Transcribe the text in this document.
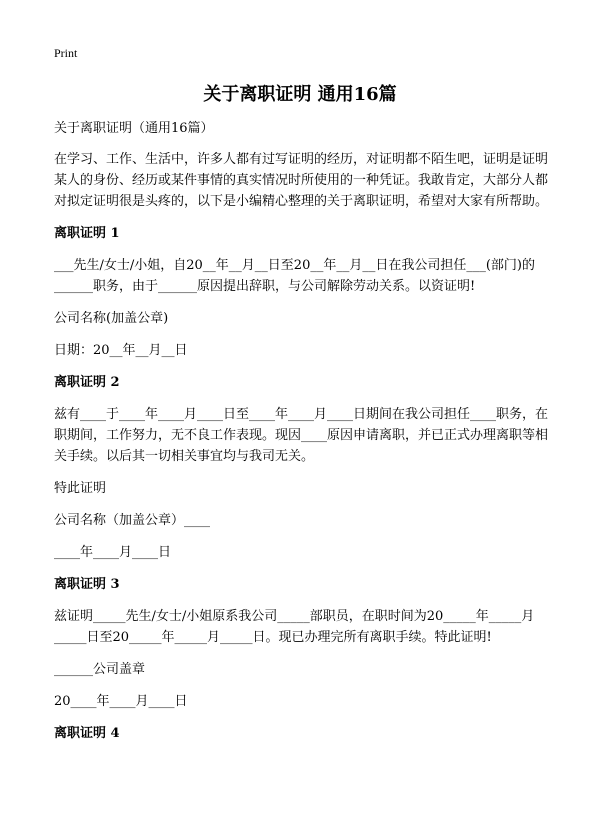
Print
关于离职证明 通用16篇

关于离职证明（通用16篇）

在学习、工作、生活中，许多人都有过写证明的经历，对证明都不陌生吧，证明是证明某人的身份、经历或某件事情的真实情况时所使用的一种凭证。我敢肯定，大部分人都对拟定证明很是头疼的，以下是小编精心整理的关于离职证明，希望对大家有所帮助。

离职证明 1

___先生/女士/小姐，自20__年__月__日至20__年__月__日在我公司担任___(部门)的______职务，由于______原因提出辞职，与公司解除劳动关系。以资证明!

公司名称(加盖公章)

日期：20__年__月__日

离职证明 2

兹有____于____年____月____日至____年____月____日期间在我公司担任____职务，在职期间，工作努力，无不良工作表现。现因____原因申请离职，并已正式办理离职等相关手续。以后其一切相关事宜均与我司无关。

特此证明

公司名称（加盖公章）____

____年____月____日

离职证明 3

兹证明_____先生/女士/小姐原系我公司_____部职员，在职时间为20_____年_____月_____日至20_____年_____月_____日。现已办理完所有离职手续。特此证明!

______公司盖章

20____年____月____日

离职证明 4
